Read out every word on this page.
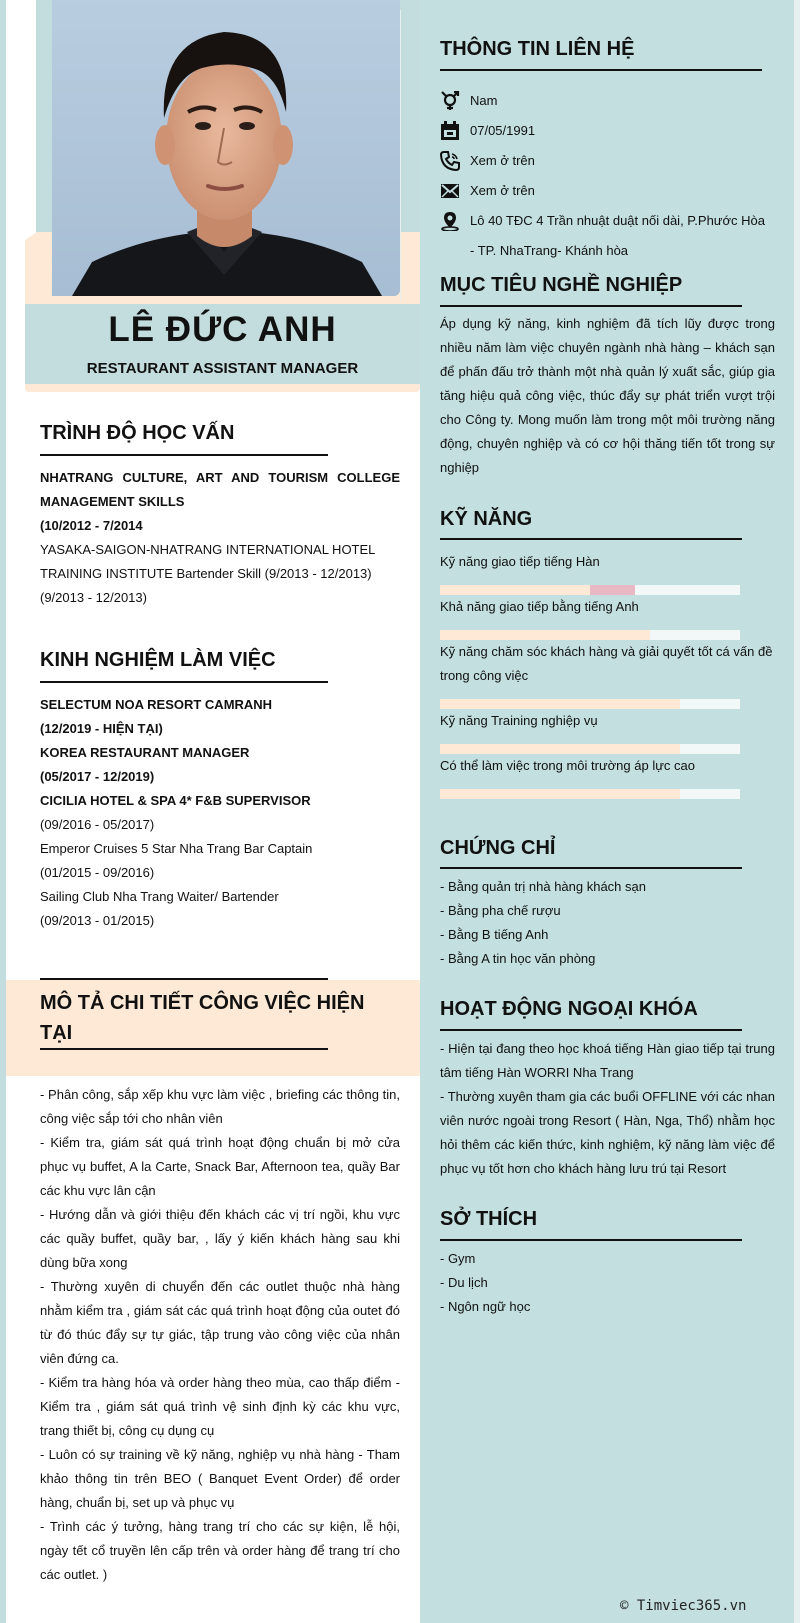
LÊ ĐỨC ANH
RESTAURANT ASSISTANT MANAGER
TRÌNH ĐỘ HỌC VẤN

NHATRANG CULTURE, ART AND TOURISM COLLEGE MANAGEMENT SKILLS

(10/2012 - 7/2014

YASAKA-SAIGON-NHATRANG INTERNATIONAL HOTEL TRAINING INSTITUTE Bartender Skill (9/2013 - 12/2013)

(9/2013 - 12/2013)

KINH NGHIỆM LÀM VIỆC

SELECTUM NOA RESORT CAMRANH

(12/2019 - HIỆN TẠI)

KOREA RESTAURANT MANAGER

(05/2017 - 12/2019)

CICILIA HOTEL & SPA 4* F&B SUPERVISOR

(09/2016 - 05/2017)

Emperor Cruises 5 Star Nha Trang Bar Captain

(01/2015 - 09/2016)

Sailing Club Nha Trang Waiter/ Bartender

(09/2013 - 01/2015)

MÔ TẢ CHI TIẾT CÔNG VIỆC HIỆN
TẠI

- Phân công, sắp xếp khu vực làm việc , briefing các thông tin, công việc sắp tới cho nhân viên

- Kiểm tra, giám sát quá trình hoạt động chuẩn bị mở cửa phục vụ buffet, A la Carte, Snack Bar, Afternoon tea, quầy Bar các khu vực lân cận

- Hướng dẫn và giới thiệu đến khách các vị trí ngồi, khu vực các quầy buffet, quầy bar, , lấy ý kiến khách hàng sau khi dùng bữa xong

- Thường xuyên di chuyển đến các outlet thuộc nhà hàng nhằm kiểm tra , giám sát các quá trình hoạt động của outet đó từ đó thúc đẩy sự tự giác, tập trung vào công việc của nhân viên đứng ca.

- Kiểm tra hàng hóa và order hàng theo mùa, cao thấp điểm - Kiểm tra , giám sát quá trình vệ sinh định kỳ các khu vực, trang thiết bị, công cụ dụng cụ

- Luôn có sự training về kỹ năng, nghiệp vụ nhà hàng - Tham khảo thông tin trên BEO ( Banquet Event Order) để order hàng, chuẩn bị, set up và phục vụ

- Trình các ý tưởng, hàng trang trí cho các sự kiện, lễ hội, ngày tết cổ truyền lên cấp trên và order hàng để trang trí cho các outlet. )

THÔNG TIN LIÊN HỆ
Nam
07/05/1991
Xem ở trên
Xem ở trên
Lô 40 TĐC 4 Trần nhuật duật nối dài, P.Phước Hòa
- TP. NhaTrang- Khánh hòa
MỤC TIÊU NGHỀ NGHIỆP
Áp dụng kỹ năng, kinh nghiệm đã tích lũy được trong nhiều năm làm việc chuyên ngành nhà hàng – khách sạn để phấn đấu trở thành một nhà quản lý xuất sắc, giúp gia tăng hiệu quả công việc, thúc đẩy sự phát triển vượt trội cho Công ty. Mong muốn làm trong một môi trường năng động, chuyên nghiệp và có cơ hội thăng tiến tốt trong sự nghiệp
KỸ NĂNG
Kỹ năng giao tiếp tiếng Hàn
Khả năng giao tiếp bằng tiếng Anh
Kỹ năng chăm sóc khách hàng và giải quyết tốt cá vấn đề trong công việc
Kỹ năng Training nghiệp vụ
Có thể làm việc trong môi trường áp lực cao
CHỨNG CHỈ

- Bằng quản trị nhà hàng khách sạn

- Bằng pha chế rượu

- Bằng B tiếng Anh

- Bằng A tin học văn phòng

HOẠT ĐỘNG NGOẠI KHÓA

- Hiện tại đang theo học khoá tiếng Hàn giao tiếp tại trung tâm tiếng Hàn WORRI Nha Trang

- Thường xuyên tham gia các buổi OFFLINE với các nhan viên nước ngoài trong Resort ( Hàn, Nga, Thổ) nhằm học hỏi thêm các kiến thức, kinh nghiệm, kỹ năng làm việc để phục vụ tốt hơn cho khách hàng lưu trú tại Resort

SỞ THÍCH

- Gym

- Du lịch

- Ngôn ngữ học

© Timviec365.vn
